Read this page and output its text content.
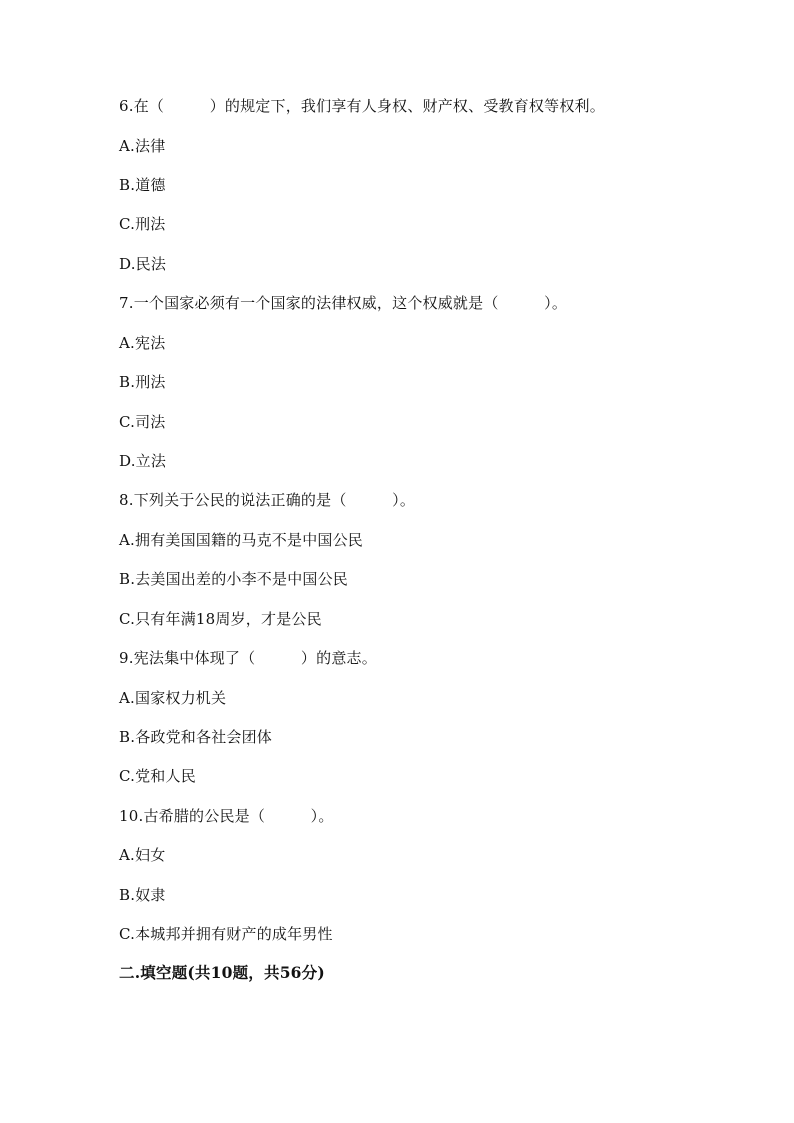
6.在（　　　）的规定下，我们享有人身权、财产权、受教育权等权利。
A.法律
B.道德
C.刑法
D.民法
7.一个国家必须有一个国家的法律权威，这个权威就是（　　　）。
A.宪法
B.刑法
C.司法
D.立法
8.下列关于公民的说法正确的是（　　　）。
A.拥有美国国籍的马克不是中国公民
B.去美国出差的小李不是中国公民
C.只有年满18周岁，才是公民
9.宪法集中体现了（　　　）的意志。
A.国家权力机关
B.各政党和各社会团体
C.党和人民
10.古希腊的公民是（　　　）。
A.妇女
B.奴隶
C.本城邦并拥有财产的成年男性
二.填空题(共10题，共56分)
